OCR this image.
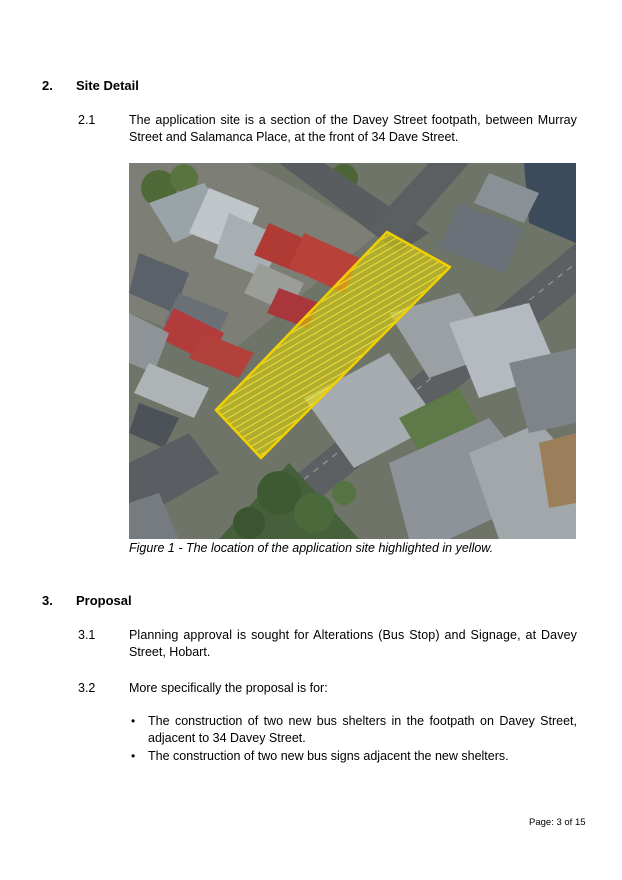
2. Site Detail
2.1	The application site is a section of the Davey Street footpath, between Murray
Street and Salamanca Place, at the front of 34 Dave Street.
Figure 1 - The location of the application site highlighted in yellow.
3. Proposal
3.1	Planning approval is sought for Alterations (Bus Stop) and Signage, at Davey
Street, Hobart.
3.2	More specifically the proposal is for:
• The construction of two new bus shelters in the footpath on Davey Street,
adjacent to 34 Davey Street.
• The construction of two new bus signs adjacent the new shelters.
Page: 3 of 15
